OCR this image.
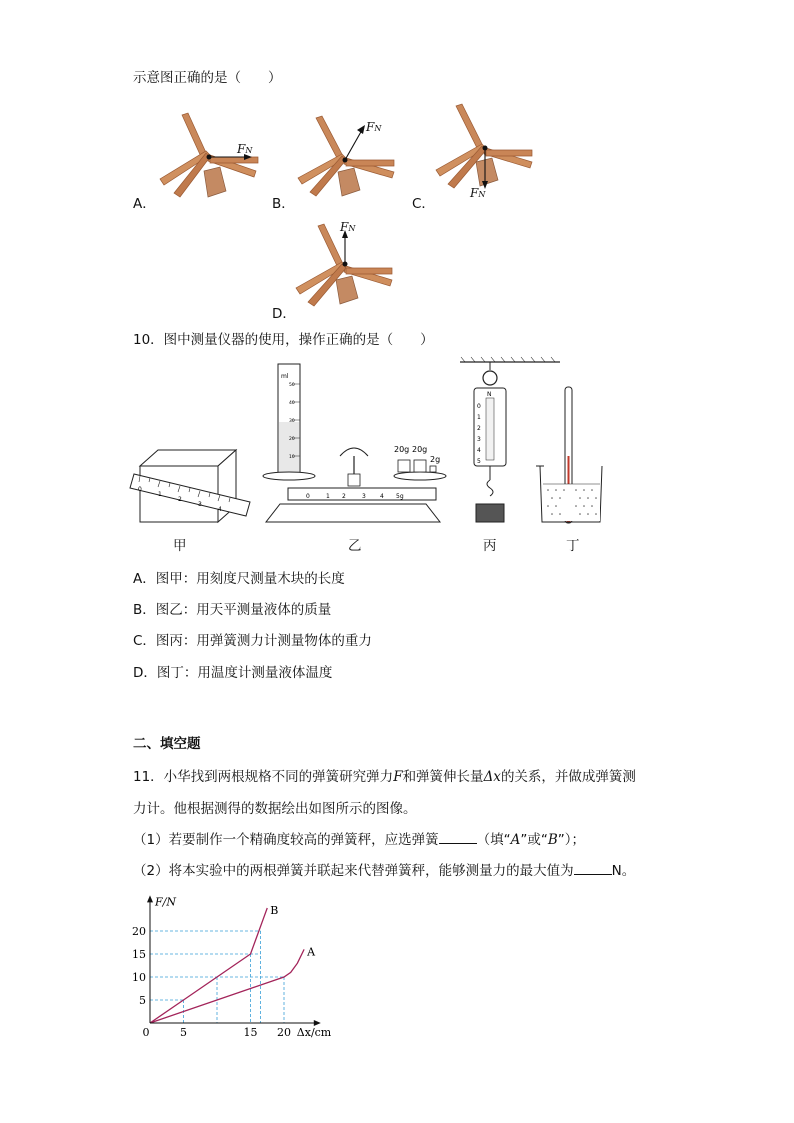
示意图正确的是（　　）
A．
FN
B．
FN
C．
FN
D．
FN
10．图中测量仪器的使用，操作正确的是（　　）
0
1
2
3
4
ml
50
40
30
20
10
20g 20g
2g
0	1 2	3 4 5g
N
0
1
2
3
4
5
甲	乙	丙	丁
A．图甲：用刻度尺测量木块的长度
B．图乙：用天平测量液体的质量
C．图丙：用弹簧测力计测量物体的重力
D．图丁：用温度计测量液体温度
二、填空题
11．小华找到两根规格不同的弹簧研究弹力F和弹簧伸长量Δx的关系，并做成弹簧测
力计。他根据测得的数据绘出如图所示的图像。
（1）若要制作一个精确度较高的弹簧秤，应选弹簧	（填“A”或“B”）；
（2）将本实验中的两根弹簧并联起来代替弹簧秤，能够测量力的最大值为	N。
A
B
5	15 20
5
10
15
20
0
F/N
Δx/cm
